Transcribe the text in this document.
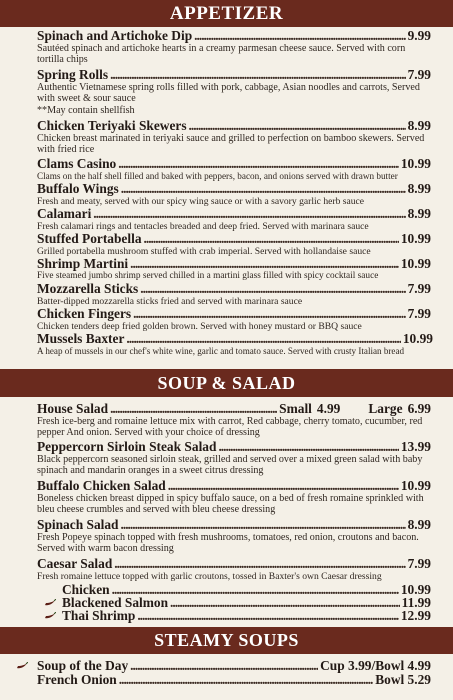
APPETIZER
Spinach and Artichoke Dip .....	9.99
Sautéed spinach and artichoke hearts in a creamy parmesan cheese sauce. Served with corn tortilla chips
Spring Rolls .....	7.99
Authentic Vietnamese spring rolls filled with pork, cabbage, Asian noodles and carrots, Served with sweet & sour sauce
**May contain shellfish
Chicken Teriyaki Skewers .....	8.99
Chicken breast marinated in teriyaki sauce and grilled to perfection on bamboo skewers. Served with fried rice
Clams Casino .....	10.99
Clams on the half shell filled and baked with peppers, bacon, and onions served with drawn butter
Buffalo Wings .....	8.99
Fresh and meaty, served with our spicy wing sauce or with a savory garlic herb sauce
Calamari .....	8.99
Fresh calamari rings and tentacles breaded and deep fried. Served with marinara sauce
Stuffed Portabella .....	10.99
Grilled portabella mushroom stuffed with crab imperial. Served with hollandaise sauce
Shrimp Martini .....	10.99
Five steamed jumbo shrimp served chilled in a martini glass filled with spicy cocktail sauce
Mozzarella Sticks .....	7.99
Batter-dipped mozzarella sticks fried and served with marinara sauce
Chicken Fingers .....	7.99
Chicken tenders deep fried golden brown. Served with honey mustard or BBQ sauce
Mussels Baxter .....	10.99
A heap of mussels in our chef's white wine, garlic and tomato sauce. Served with crusty Italian bread
SOUP & SALAD
House Salad .....	Small 4.99 Large 6.99
Fresh ice-berg and romaine lettuce mix with carrot, Red cabbage, cherry tomato, cucumber, red pepper And onion. Served with your choice of dressing
Peppercorn Sirloin Steak Salad .....	13.99
Black peppercorn seasoned sirloin steak, grilled and served over a mixed green salad with baby spinach and mandarin oranges in a sweet citrus dressing
Buffalo Chicken Salad .....	10.99
Boneless chicken breast dipped in spicy buffalo sauce, on a bed of fresh romaine sprinkled with bleu cheese crumbles and served with bleu cheese dressing
Spinach Salad .....	8.99
Fresh Popeye spinach topped with fresh mushrooms, tomatoes, red onion, croutons and bacon. Served with warm bacon dressing
Caesar Salad .....	7.99
Fresh romaine lettuce topped with garlic croutons, tossed in Baxter's own Caesar dressing
Chicken .....	10.99
Blackened Salmon .....	11.99
Thai Shrimp .....	12.99
STEAMY SOUPS
Soup of the Day .....	Cup 3.99/Bowl 4.99
French Onion .....	Bowl 5.29
